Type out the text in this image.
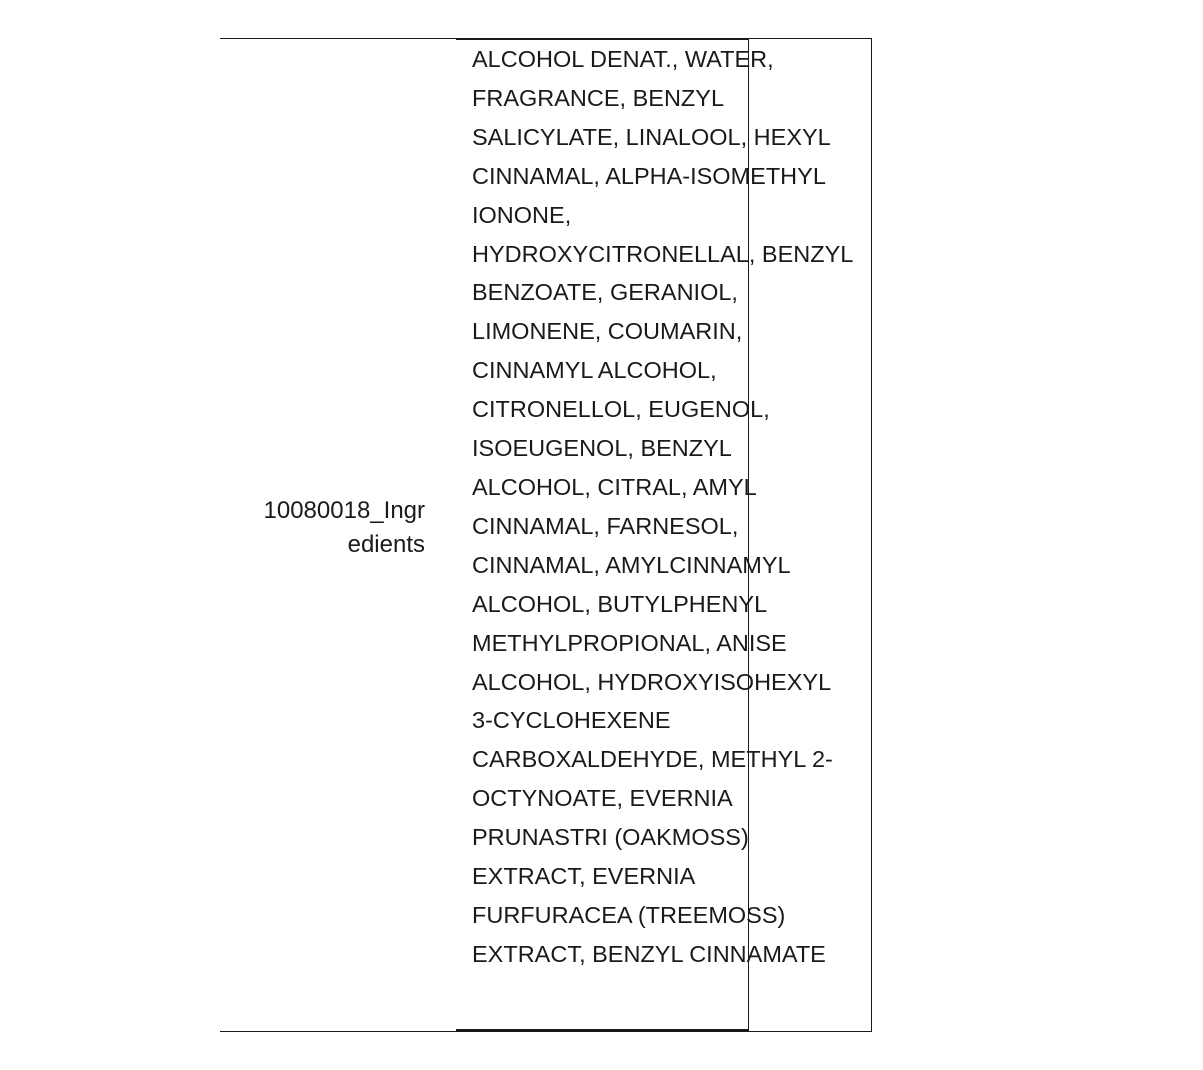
10080018_Ingr
edients
ALCOHOL DENAT., WATER,
FRAGRANCE, BENZYL
SALICYLATE, LINALOOL, HEXYL
CINNAMAL, ALPHA-ISOMETHYL
IONONE,
HYDROXYCITRONELLAL, BENZYL
BENZOATE, GERANIOL,
LIMONENE, COUMARIN,
CINNAMYL ALCOHOL,
CITRONELLOL, EUGENOL,
ISOEUGENOL, BENZYL
ALCOHOL, CITRAL, AMYL
CINNAMAL, FARNESOL,
CINNAMAL, AMYLCINNAMYL
ALCOHOL, BUTYLPHENYL
METHYLPROPIONAL, ANISE
ALCOHOL, HYDROXYISOHEXYL
3-CYCLOHEXENE
CARBOXALDEHYDE, METHYL 2-
OCTYNOATE, EVERNIA
PRUNASTRI (OAKMOSS)
EXTRACT, EVERNIA
FURFURACEA (TREEMOSS)
EXTRACT, BENZYL CINNAMATE
